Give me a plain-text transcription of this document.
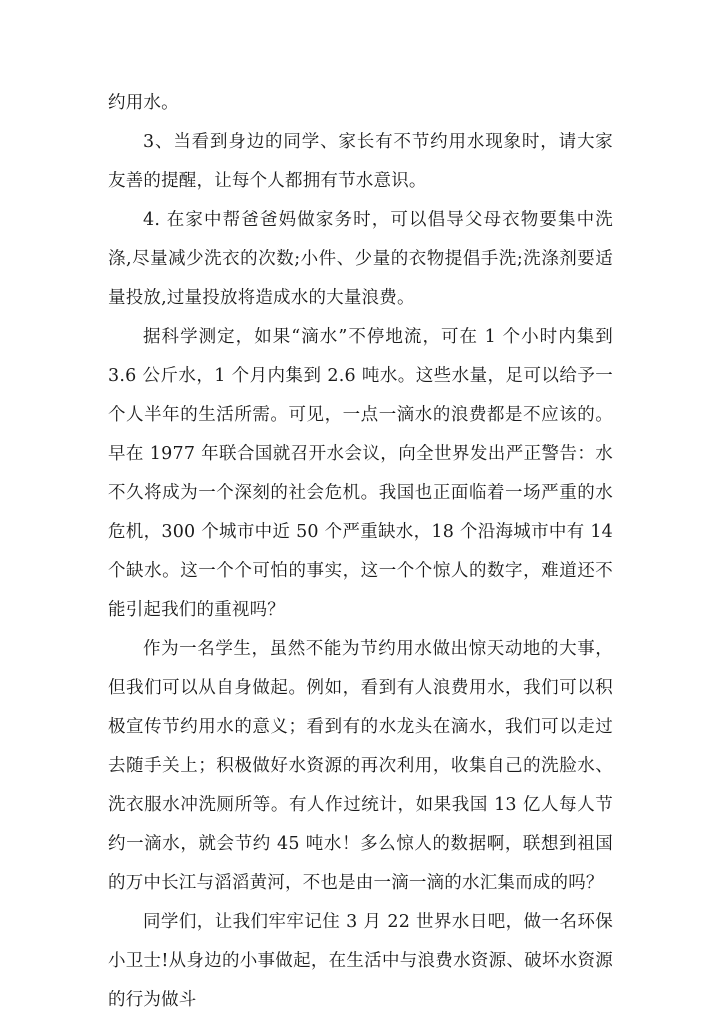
约用水。

3、当看到身边的同学、家长有不节约用水现象时，请大家友善的提醒，让每个人都拥有节水意识。

4. 在家中帮爸爸妈做家务时，可以倡导父母衣物要集中洗涤,尽量减少洗衣的次数;小件、少量的衣物提倡手洗;洗涤剂要适量投放,过量投放将造成水的大量浪费。

据科学测定，如果“滴水”不停地流，可在 1 个小时内集到 3.6 公斤水，1 个月内集到 2.6 吨水。这些水量，足可以给予一个人半年的生活所需。可见，一点一滴水的浪费都是不应该的。早在 1977 年联合国就召开水会议，向全世界发出严正警告：水不久将成为一个深刻的社会危机。我国也正面临着一场严重的水危机，300 个城市中近 50 个严重缺水，18 个沿海城市中有 14 个缺水。这一个个可怕的事实，这一个个惊人的数字，难道还不能引起我们的重视吗？

作为一名学生，虽然不能为节约用水做出惊天动地的大事，但我们可以从自身做起。例如，看到有人浪费用水，我们可以积极宣传节约用水的意义；看到有的水龙头在滴水，我们可以走过去随手关上；积极做好水资源的再次利用，收集自己的洗脸水、洗衣服水冲洗厕所等。有人作过统计，如果我国 13 亿人每人节约一滴水，就会节约 45 吨水！多么惊人的数据啊，联想到祖国的万中长江与滔滔黄河，不也是由一滴一滴的水汇集而成的吗？

同学们，让我们牢牢记住 3 月 22 世界水日吧，做一名环保小卫士!从身边的小事做起，在生活中与浪费水资源、破坏水资源的行为做斗
